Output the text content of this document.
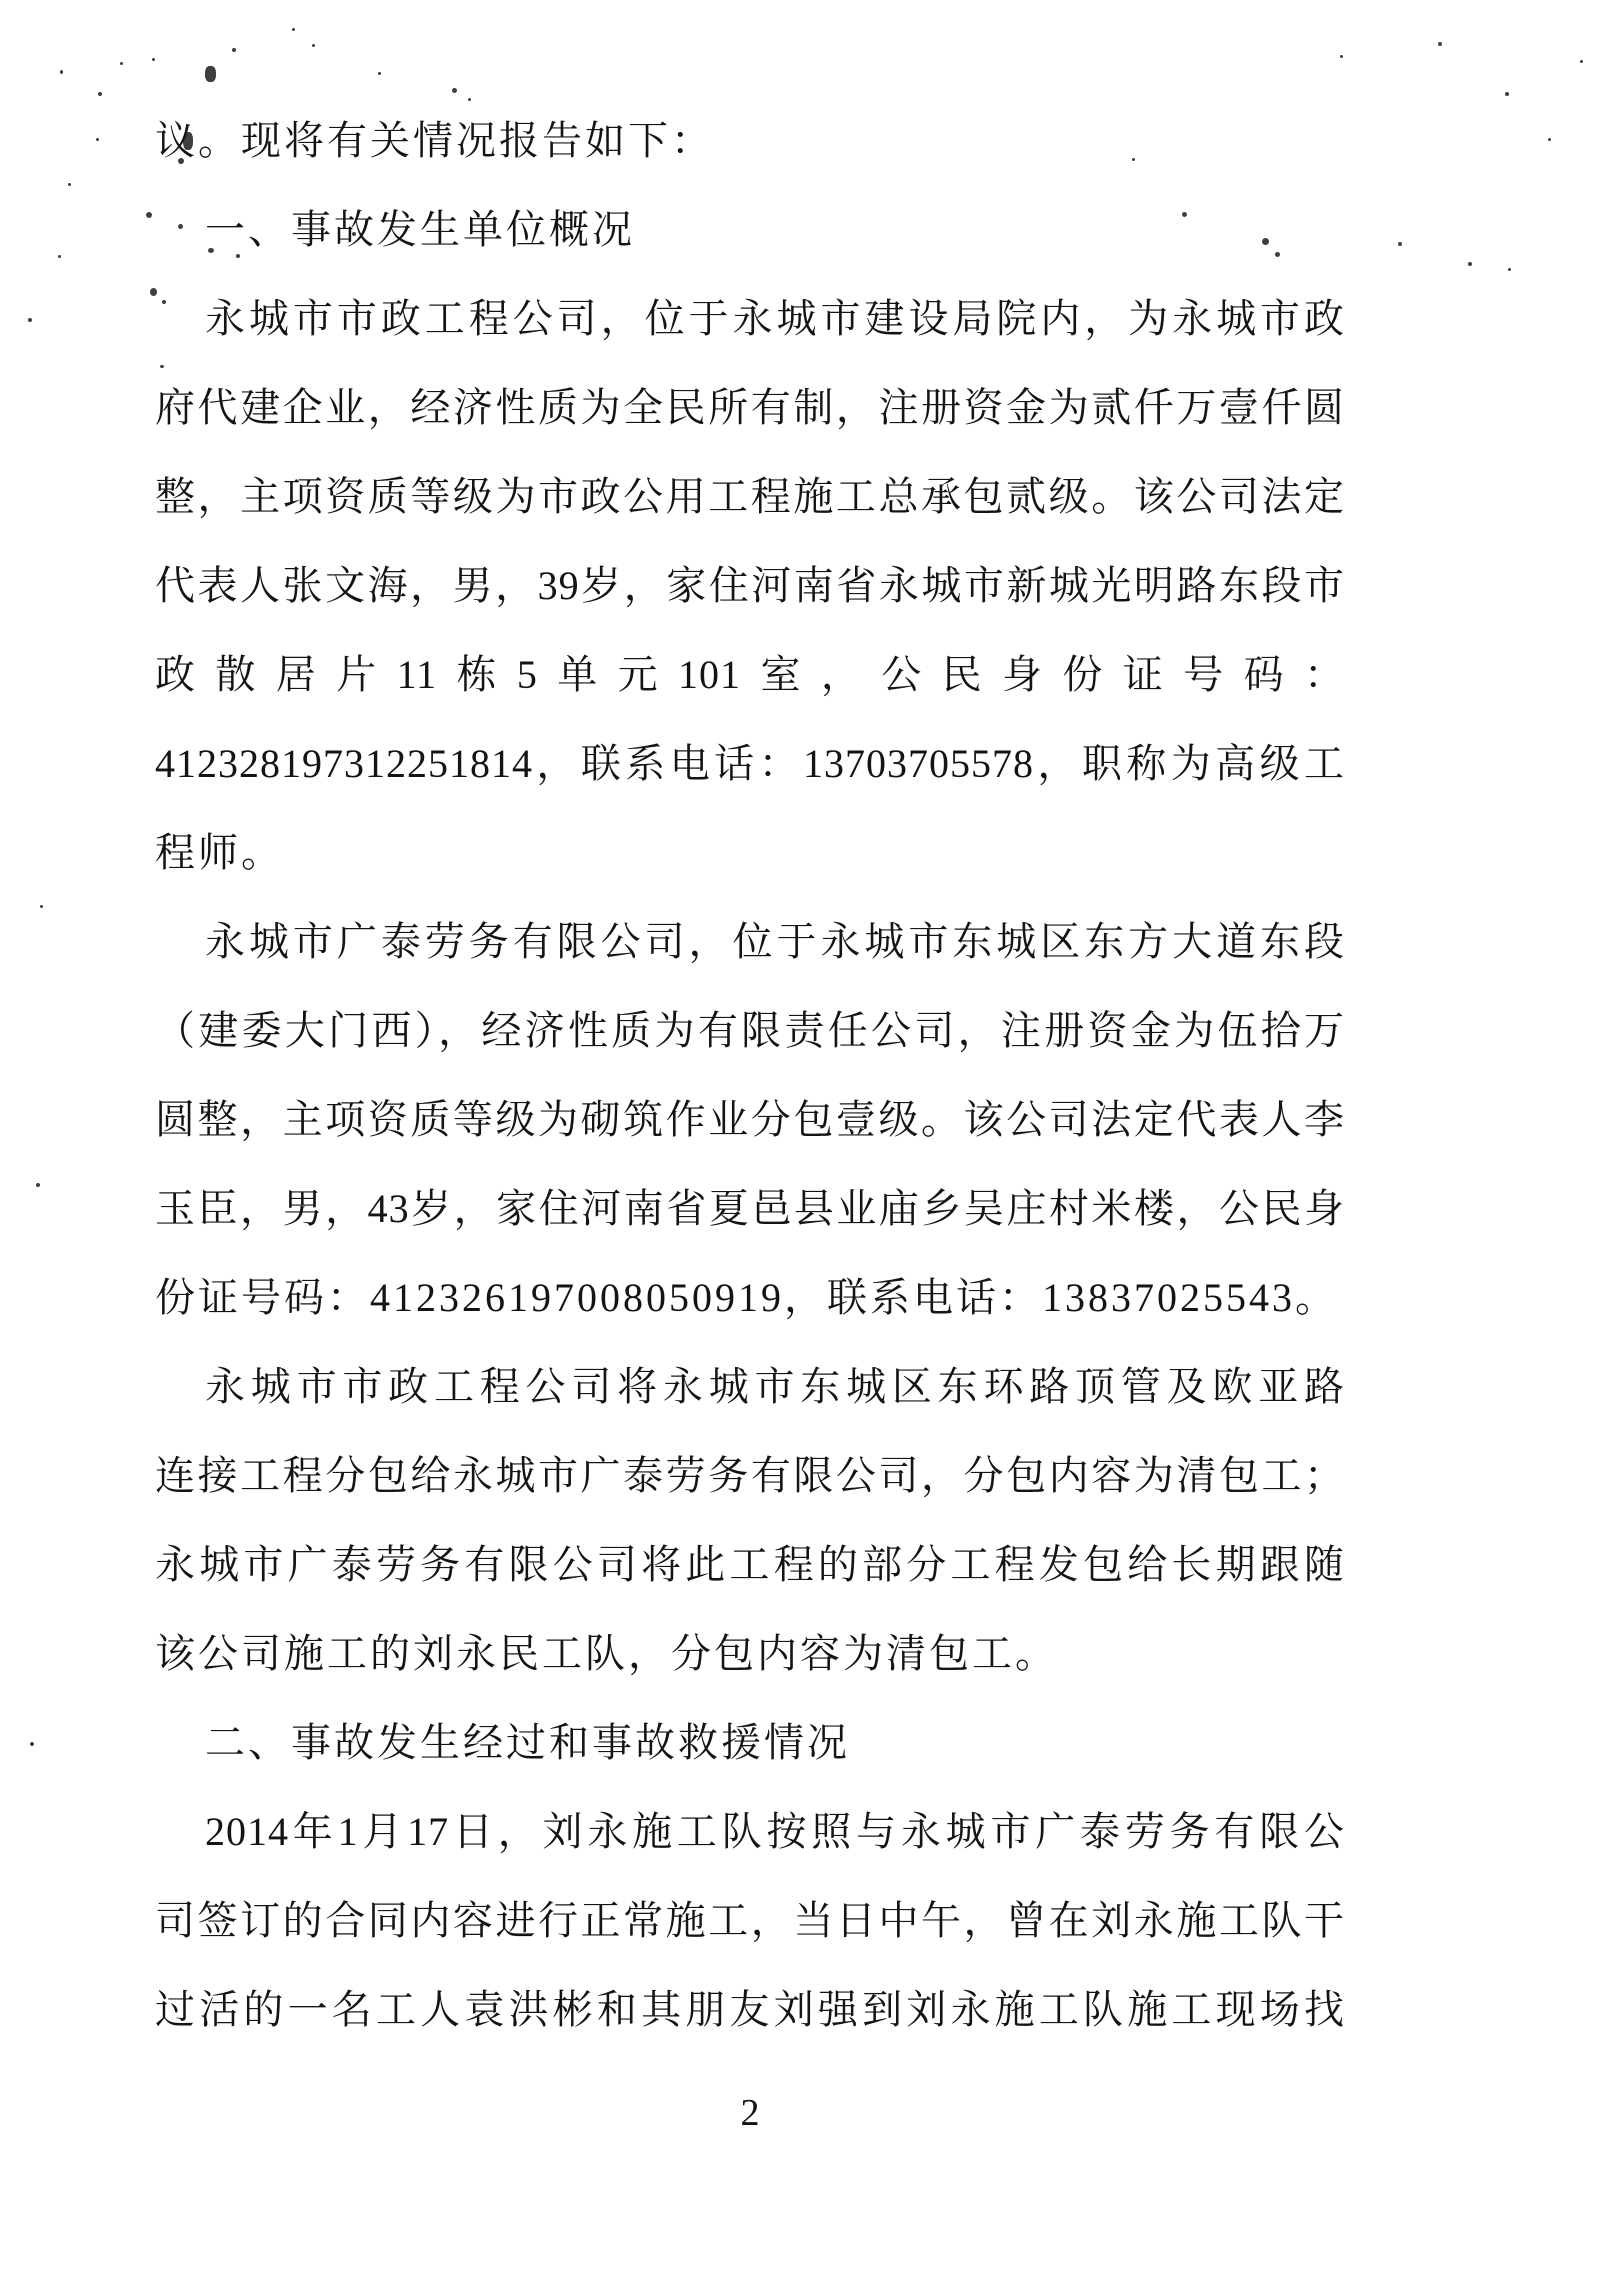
议。现将有关情况报告如下：
一、事故发生单位概况
永城市市政工程公司，位于永城市建设局院内，为永城市政
府代建企业，经济性质为全民所有制，注册资金为贰仟万壹仟圆
整，主项资质等级为市政公用工程施工总承包贰级。该公司法定
代表人张文海，男，39岁，家住河南省永城市新城光明路东段市
政散居片11栋5单元101室，公民身份证号码：
412328197312251814，联系电话：13703705578，职称为高级工
程师。
永城市广泰劳务有限公司，位于永城市东城区东方大道东段
（建委大门西），经济性质为有限责任公司，注册资金为伍拾万
圆整，主项资质等级为砌筑作业分包壹级。该公司法定代表人李
玉臣，男，43岁，家住河南省夏邑县业庙乡吴庄村米楼，公民身
份证号码：412326197008050919，联系电话：13837025543。
永城市市政工程公司将永城市东城区东环路顶管及欧亚路
连接工程分包给永城市广泰劳务有限公司，分包内容为清包工；
永城市广泰劳务有限公司将此工程的部分工程发包给长期跟随
该公司施工的刘永民工队，分包内容为清包工。
二、事故发生经过和事故救援情况
2014年1月17日，刘永施工队按照与永城市广泰劳务有限公
司签订的合同内容进行正常施工，当日中午，曾在刘永施工队干
过活的一名工人袁洪彬和其朋友刘强到刘永施工队施工现场找
2
